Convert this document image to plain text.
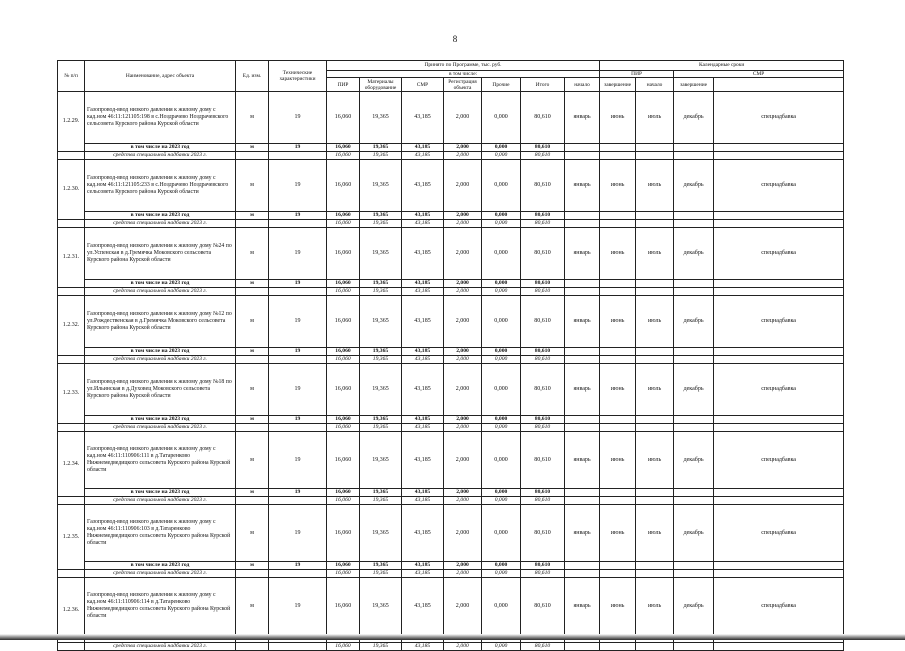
8
№ п/п	Наименование, адрес объекта	Ед. изм.	Технические характеристики	Принято по Программе, тыс. руб.							Календарные сроки	
				в том числе:							ПИР		СМР		
				ПИР	Материалы оборудование	СМР	Регистрация объекта	Прочие	Итого	начало	завершение	начало	завершение		

1.2.29.	Газопровод-ввод низкого давления к жилому дому с кад.ном 46:11:121105:198 в с.Ноздрачево Ноздрачевского сельсовета Курского района Курской области	м	19	16,060	19,365	43,185	2,000	0,000	80,610	январь	июнь	июль	декабрь	спецнадбавка	
	в том числе на 2023 год	м	19	16,060	19,365	43,185	2,000	0,000	80,610						
	средства специальной надбавки 2023 г.			16,060	19,365	43,185	2,000	0,000	80,610						
1.2.30.	Газопровод-ввод низкого давления к жилому дому с кад.ном 46:11:121105:233 в с.Ноздрачево Ноздрачевского сельсовета Курского района Курской области	м	19	16,060	19,365	43,185	2,000	0,000	80,610	январь	июнь	июль	декабрь	спецнадбавка	
	в том числе на 2023 год	м	19	16,060	19,365	43,185	2,000	0,000	80,610						
	средства специальной надбавки 2023 г.			16,060	19,365	43,185	2,000	0,000	80,610						
1.2.31.	Газопровод-ввод низкого давления к жилому дому №24 по ул.Успенская в д.Гремячка Моковского сельсовета Курского района Курской области	м	19	16,060	19,365	43,185	2,000	0,000	80,610	январь	июнь	июль	декабрь	спецнадбавка	
	в том числе на 2023 год	м	19	16,060	19,365	43,185	2,000	0,000	80,610						
	средства специальной надбавки 2023 г.			16,060	19,365	43,185	2,000	0,000	80,610						
1.2.32.	Газопровод-ввод низкого давления к жилому дому №12 по ул.Рождественская в д.Гремячка Моковского сельсовета Курского района Курской области	м	19	16,060	19,365	43,185	2,000	0,000	80,610	январь	июнь	июль	декабрь	спецнадбавка	
	в том числе на 2023 год	м	19	16,060	19,365	43,185	2,000	0,000	80,610						
	средства специальной надбавки 2023 г.			16,060	19,365	43,185	2,000	0,000	80,610						
1.2.33.	Газопровод-ввод низкого давления к жилому дому №18 по ул.Ильинская в д.Духовец Моковского сельсовета Курского района Курской области	м	19	16,060	19,365	43,185	2,000	0,000	80,610	январь	июнь	июль	декабрь	спецнадбавка	
	в том числе на 2023 год	м	19	16,060	19,365	43,185	2,000	0,000	80,610						
	средства специальной надбавки 2023 г.			16,060	19,365	43,185	2,000	0,000	80,610						
1.2.34.	Газопровод-ввод низкого давления к жилому дому с кад.ном 46:11:110906:111 в д.Татаренково Нижнемедведицкого сельсовета Курского района Курской области	м	19	16,060	19,365	43,185	2,000	0,000	80,610	январь	июнь	июль	декабрь	спецнадбавка	
	в том числе на 2023 год	м	19	16,060	19,365	43,185	2,000	0,000	80,610						
	средства специальной надбавки 2023 г.			16,060	19,365	43,185	2,000	0,000	80,610						
1.2.35.	Газопровод-ввод низкого давления к жилому дому с кад.ном 46:11:110906:103 в д.Татаренково Нижнемедведицкого сельсовета Курского района Курской области	м	19	16,060	19,365	43,185	2,000	0,000	80,610	январь	июнь	июль	декабрь	спецнадбавка	
	в том числе на 2023 год	м	19	16,060	19,365	43,185	2,000	0,000	80,610						
	средства специальной надбавки 2023 г.			16,060	19,365	43,185	2,000	0,000	80,610						
1.2.36.	Газопровод-ввод низкого давления к жилому дому с кад.ном 46:11:110906:114 в д.Татаренково Нижнемедведицкого сельсовета Курского района Курской области	м	19	16,060	19,365	43,185	2,000	0,000	80,610	январь	июнь	июль	декабрь	спецнадбавка	

	средства специальной надбавки 2023 г.			16,060	19,365	43,185	2,000	0,000	80,610						
